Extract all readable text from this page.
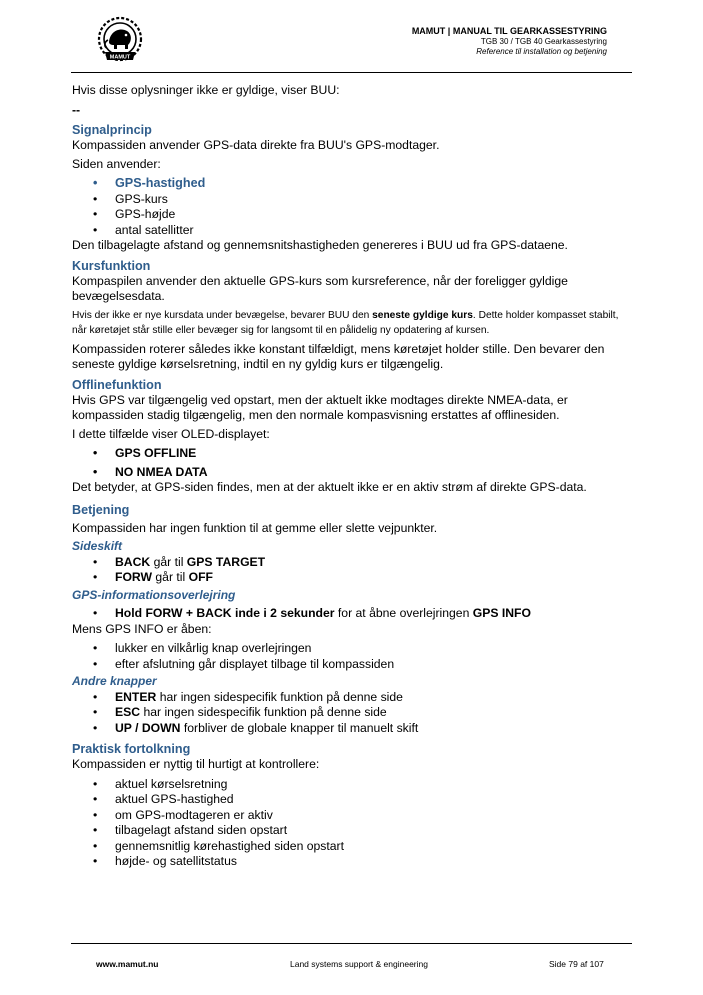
MAMUT
MAMUT | MANUAL TIL GEARKASSESTYRING
TGB 30 / TGB 40 Gearkassestyring
Reference til installation og betjening

Hvis disse oplysninger ikke er gyldige, viser BUU:

--

Signalprincip

Kompassiden anvender GPS-data direkte fra BUU's GPS-modtager.

Siden anvender:

• GPS-hastighed
• GPS-kurs
• GPS-højde
• antal satellitter

Den tilbagelagte afstand og gennemsnitshastigheden genereres i BUU ud fra GPS-dataene.

Kursfunktion

Kompaspilen anvender den aktuelle GPS-kurs som kursreference, når der foreligger gyldige bevægelsesdata.

Hvis der ikke er nye kursdata under bevægelse, bevarer BUU den seneste gyldige kurs. Dette holder kompasset stabilt, når køretøjet står stille eller bevæger sig for langsomt til en pålidelig ny opdatering af kursen.

Kompassiden roterer således ikke konstant tilfældigt, mens køretøjet holder stille. Den bevarer den seneste gyldige kørselsretning, indtil en ny gyldig kurs er tilgængelig.

Offlinefunktion

Hvis GPS var tilgængelig ved opstart, men der aktuelt ikke modtages direkte NMEA-data, er kompassiden stadig tilgængelig, men den normale kompasvisning erstattes af offlinesiden.

I dette tilfælde viser OLED-displayet:

• GPS OFFLINE
• NO NMEA DATA

Det betyder, at GPS-siden findes, men at der aktuelt ikke er en aktiv strøm af direkte GPS-data.

Betjening

Kompassiden har ingen funktion til at gemme eller slette vejpunkter.

Sideskift
• BACK går til GPS TARGET
• FORW går til OFF
GPS-informationsoverlejring
• Hold FORW + BACK inde i 2 sekunder for at åbne overlejringen GPS INFO

Mens GPS INFO er åben:

• lukker en vilkårlig knap overlejringen
• efter afslutning går displayet tilbage til kompassiden
Andre knapper
• ENTER har ingen sidespecifik funktion på denne side
• ESC har ingen sidespecifik funktion på denne side
• UP / DOWN forbliver de globale knapper til manuelt skift
Praktisk fortolkning

Kompassiden er nyttig til hurtigt at kontrollere:

• aktuel kørselsretning
• aktuel GPS-hastighed
• om GPS-modtageren er aktiv
• tilbagelagt afstand siden opstart
• gennemsnitlig kørehastighed siden opstart
• højde- og satellitstatus
www.mamut.nu	Land systems support & engineering	Side 79 af 107
